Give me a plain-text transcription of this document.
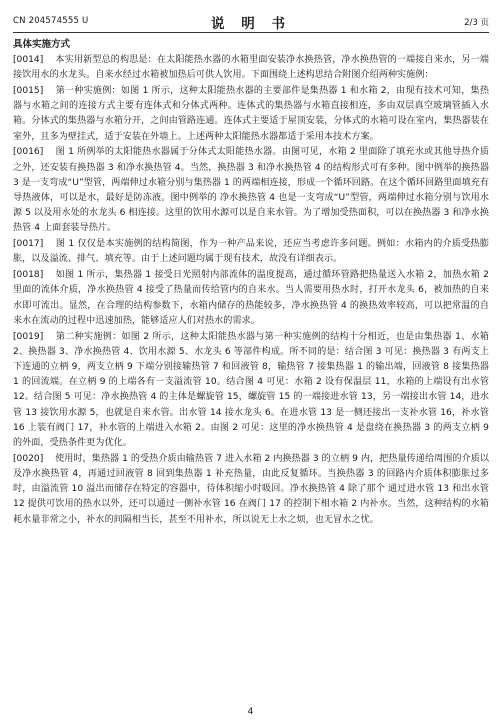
CN 204574555 U	说 明 书	2/3 页
具体实施方式

[0014] 本实用新型总的构思是：在太阳能热水器的水箱里面安装净水换热管，净水换热管的一端接自来水，另一端接饮用水的水龙头。自来水经过水箱被加热后可供人饮用。下面围绕上述构思结合附图介绍两种实施例：

[0015] 第一种实施例：如图 1 所示，这种太阳能热水器的主要部件是集热器 1 和水箱 2，由现有技术可知，集热器与水箱之间的连接方式主要有连体式和分体式两种。连体式的集热器与水箱直接相连，多由双层真空玻璃管插入水箱。分体式的集热器与水箱分开，之间由管路连通。连体式主要适于屋顶安装，分体式的水箱可设在室内，集热器装在室外，且多为壁挂式，适于安装在外墙上。上述两种太阳能热水器都适于采用本技术方案。

[0016] 图 1 所例举的太阳能热水器属于分体式太阳能热水器。由图可见，水箱 2 里面除了填充水或其他导热介质之外，还安装有换热器 3 和净水换热管 4。当然，换热器 3 和净水换热管 4 的结构形式可有多种。图中例举的换热器 3 是一支弯成“U”型管，两端伸过水箱分别与集热器 1 的两端相连接，形成一个循环回路。在这个循环回路里面填充有导热液体，可以是水，最好是防冻液。图中例举的 净水换热管 4 也是一支弯成“U”型管，两端伸过水箱分别与饮用水源 5 以及用水处的水龙头 6 相连接。这里的饮用水源可以是自来水管。为了增加受热面积，可以在换热器 3 和净水换热管 4 上面套装导热片。

[0017] 图 1 仅仅是本实施例的结构简图，作为一种产品来说，还应当考虑许多问题。例如：水箱内的介质受热膨胀，以及溢流、排气、填充等。由于上述问题均属于现有技术，故没有详细表示。

[0018] 如图 1 所示，集热器 1 接受日光照射内部流体的温度提高，通过循环管路把热量送入水箱 2，加热水箱 2 里面的流体介质，净水换热管 4 接受了热量而传给管内的自来水。当人需要用热水时，打开水龙头 6，被加热的自来水即可流出。显然，在合理的结构参数下，水箱内储存的热能较多，净水换热管 4 的换热效率较高，可以把常温的自来水在流动的过程中迅速加热，能够适应人们对热水的需求。

[0019] 第二种实施例：如图 2 所示，这种太阳能热水器与第一种实施例的结构十分相近，也是由集热器 1、水箱 2、换热器 3、净水换热管 4、饮用水源 5、水龙头 6 等部件构成。所不同的是：结合图 3 可见：换热器 3 有两支上下连通的立柄 9，两支立柄 9 下端分别接输热管 7 和回液管 8，输热管 7 接集热器 1 的输出端，回液管 8 接集热器 1 的回流端。在立柄 9 的上端各有一支溢流管 10。结合图 4 可见：水箱 2 设有保温层 11，水箱的上端设有出水管 12。结合图 5 可见：净水换热管 4 的主体是螺旋管 15，螺旋管 15 的一端接进水管 13，另一端接出水管 14，进水管 13 接饮用水源 5，也就是自来水管。出水管 14 接水龙头 6。在进水管 13 是一侧还接出一支补水管 16，补水管 16 上装有阀门 17，补水管的上端进入水箱 2。由图 2 可见：这里的净水换热管 4 是盘绕在换热器 3 的两支立柄 9 的外面，受热条件更为优化。

[0020] 使用时，集热器 1 的受热介质由输热管 7 进入水箱 2 内换热器 3 的立柄 9 内，把热量传递给周围的介质以及净水换热管 4，再通过回液管 8 回到集热器 1 补充热量，由此反复循环。当换热器 3 的回路内介质体积膨胀过多时，由溢流管 10 溢出而储存在特定的容器中，待体积缩小时吸回。净水换热管 4 除了那个 通过进水管 13 和出水管 12 提供可饮用的热水以外，还可以通过一侧补水管 16 在阀门 17 的控制下相水箱 2 内补水。当然，这种结构的水箱耗水量非常之小，补水的间隔相当长，甚至不用补水，所以说无上水之烦，也无冒水之忧。

4
